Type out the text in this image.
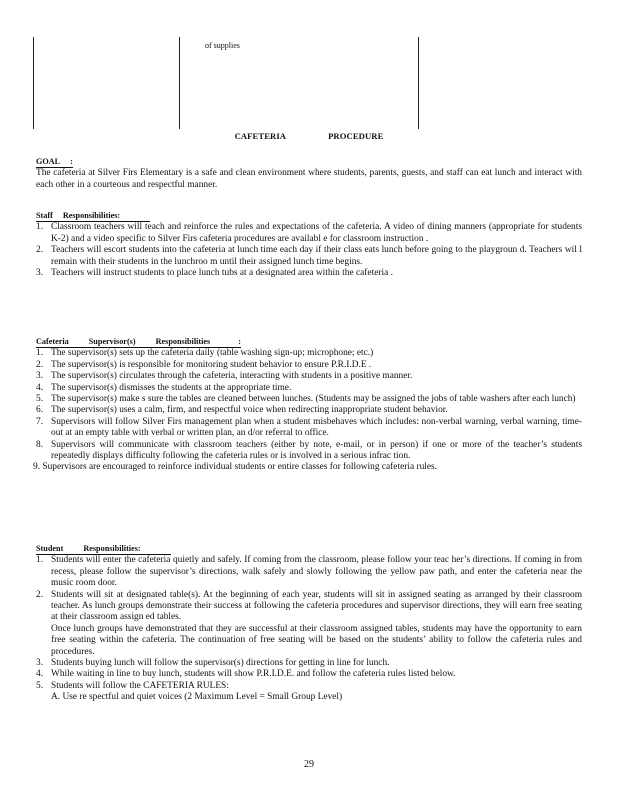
of supplies
CAFETERIA	PROCEDURE
GOAL :

The cafeteria at Silver Firs Elementary is a safe and clean environment where students, parents, guests, and staff can eat lunch and interact with each other in a courteous and respectful manner.

Staff Responsibilities:
1. Classroom teachers will teach and reinforce the rules and expectations of the cafeteria. A video of dining manners (appropriate for students K-2) and a video specific to Silver Firs cafeteria procedures are availabl e for classroom instruction .
2. Teachers will escort students into the cafeteria at lunch time each day if their class eats lunch before going to the playgroun d. Teachers wil l remain with their students in the lunchroo m until their assigned lunch time begins.
3. Teachers will instruct students to place lunch tubs at a designated area within the cafeteria .
Cafeteria Supervisor(s) Responsibilities	:
1. The supervisor(s) sets up the cafeteria daily (table washing sign-up; microphone; etc.)
2. The supervisor(s) is responsible for monitoring student behavior to ensure P.R.I.D.E .
3. The supervisor(s) circulates through the cafeteria, interacting with students in a positive manner.
4. The supervisor(s) dismisses the students at the appropriate time.
5. The supervisor(s) make s sure the tables are cleaned between lunches. (Students may be assigned the jobs of table washers after each lunch)
6. The supervisor(s) uses a calm, firm, and respectful voice when redirecting inappropriate student behavior.
7. Supervisors will follow Silver Firs management plan when a student misbehaves which includes: non-verbal warning, verbal warning, time-out at an empty table with verbal or written plan, an d/or referral to office.
8. Supervisors will communicate with classroom teachers (either by note, e-mail, or in person) if one or more of the teacher’s students repeatedly displays difficulty following the cafeteria rules or is involved in a serious infrac tion.
9. Supervisors are encouraged to reinforce individual students or entire classes for following cafeteria rules.
Student Responsibilities:
1. Students will enter the cafeteria quietly and safely. If coming from the classroom, please follow your teac her’s directions. If coming in from recess, please follow the supervisor’s directions, walk safely and slowly following the yellow paw path, and enter the cafeteria near the music room door.
2. Students will sit at designated table(s). At the beginning of each year, students will sit in assigned seating as arranged by their classroom teacher. As lunch groups demonstrate their success at following the cafeteria procedures and supervisor directions, they will earn free seating at their classroom assign ed tables.
Once lunch groups have demonstrated that they are successful at their classroom assigned tables, students may have the opportunity to earn free seating within the cafeteria. The continuation of free seating will be based on the students’ ability to follow the cafeteria rules and procedures.
3. Students buying lunch will follow the supervisor(s) directions for getting in line for lunch.
4. While waiting in line to buy lunch, students will show P.R.I.D.E. and follow the cafeteria rules listed below.
5. Students will follow the CAFETERIA RULES:
A. Use re spectful and quiet voices (2 Maximum Level = Small Group Level)
29
